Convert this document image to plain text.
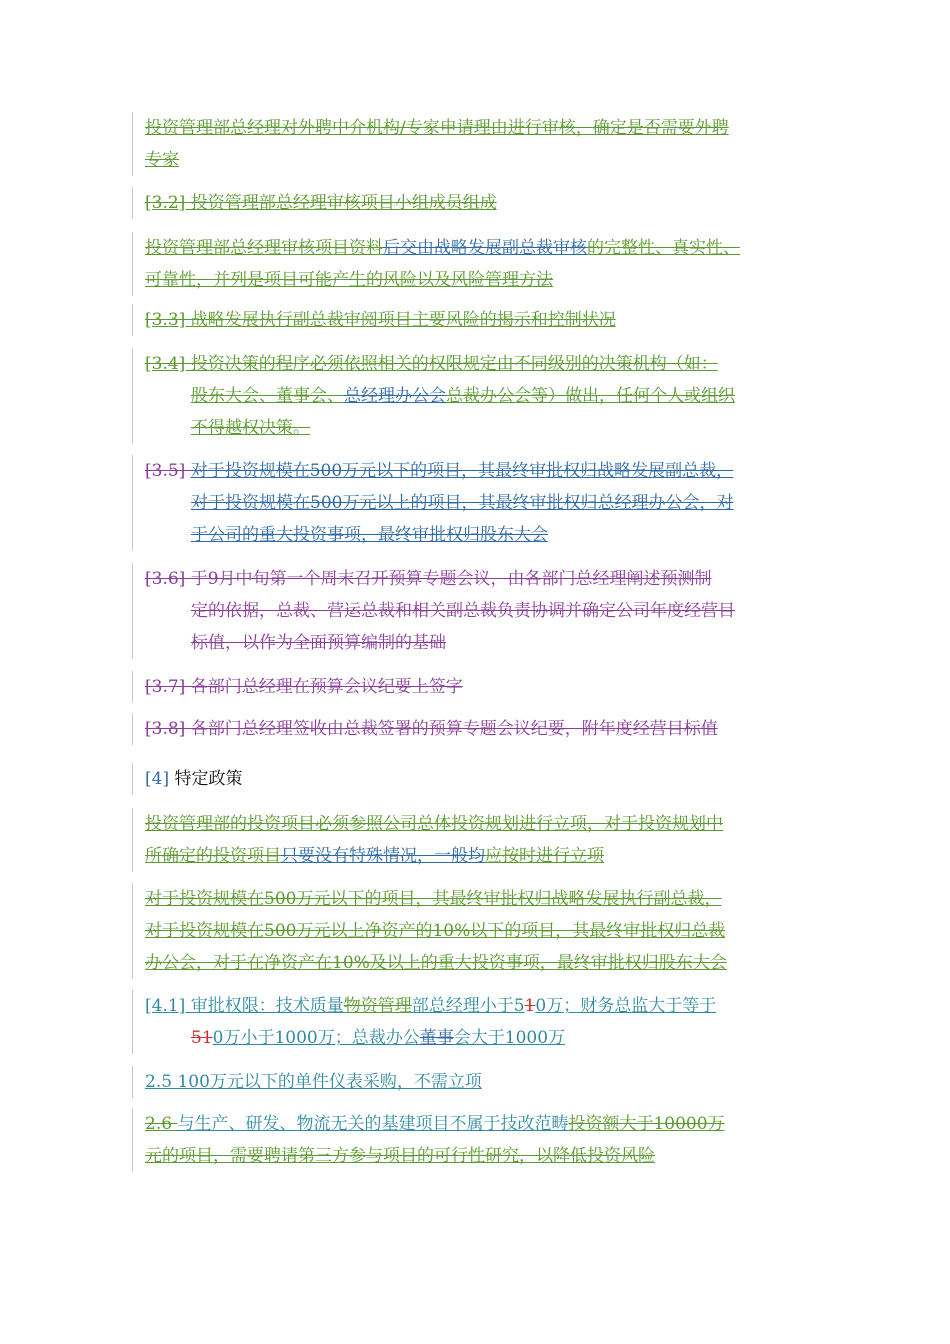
投资管理部总经理对外聘中介机构/专家申请理由进行审核，确定是否需要外聘
专家
[3.2] 投资管理部总经理审核项目小组成员组成
投资管理部总经理审核项目资料后交由战略发展副总裁审核的完整性、真实性、
可靠性，并列是项目可能产生的风险以及风险管理方法
[3.3] 战略发展执行副总裁审阅项目主要风险的揭示和控制状况
[3.4] 投资决策的程序必须依照相关的权限规定由不同级别的决策机构（如：
股东大会、董事会、总经理办公会总裁办公会等）做出，任何个人或组织
不得越权决策。
[3.5] 对于投资规模在500万元以下的项目，其最终审批权归战略发展副总裁，
对于投资规模在500万元以上的项目，其最终审批权归总经理办公会，对
于公司的重大投资事项，最终审批权归股东大会
[3.6] 于9月中旬第一个周末召开预算专题会议，由各部门总经理阐述预测制
定的依据，总裁、营运总裁和相关副总裁负责协调并确定公司年度经营目
标值，以作为全面预算编制的基础
[3.7] 各部门总经理在预算会议纪要上签字
[3.8] 各部门总经理签收由总裁签署的预算专题会议纪要，附年度经营目标值
[4] 特定政策
投资管理部的投资项目必须参照公司总体投资规划进行立项，对于投资规划中
所确定的投资项目只要没有特殊情况，一般均应按时进行立项
对于投资规模在500万元以下的项目，其最终审批权归战略发展执行副总裁，
对于投资规模在500万元以上净资产的10%以下的项目，其最终审批权归总裁
办公会，对于在净资产在10%及以上的重大投资事项，最终审批权归股东大会
[4.1] 审批权限：技术质量物资管理部总经理小于510万；财务总监大于等于
510万小于1000万；总裁办公董事会大于1000万
2.5 100万元以下的单件仪表采购，不需立项
2.6 与生产、研发、物流无关的基建项目不属于技改范畴投资额大于10000万
元的项目，需要聘请第三方参与项目的可行性研究，以降低投资风险
